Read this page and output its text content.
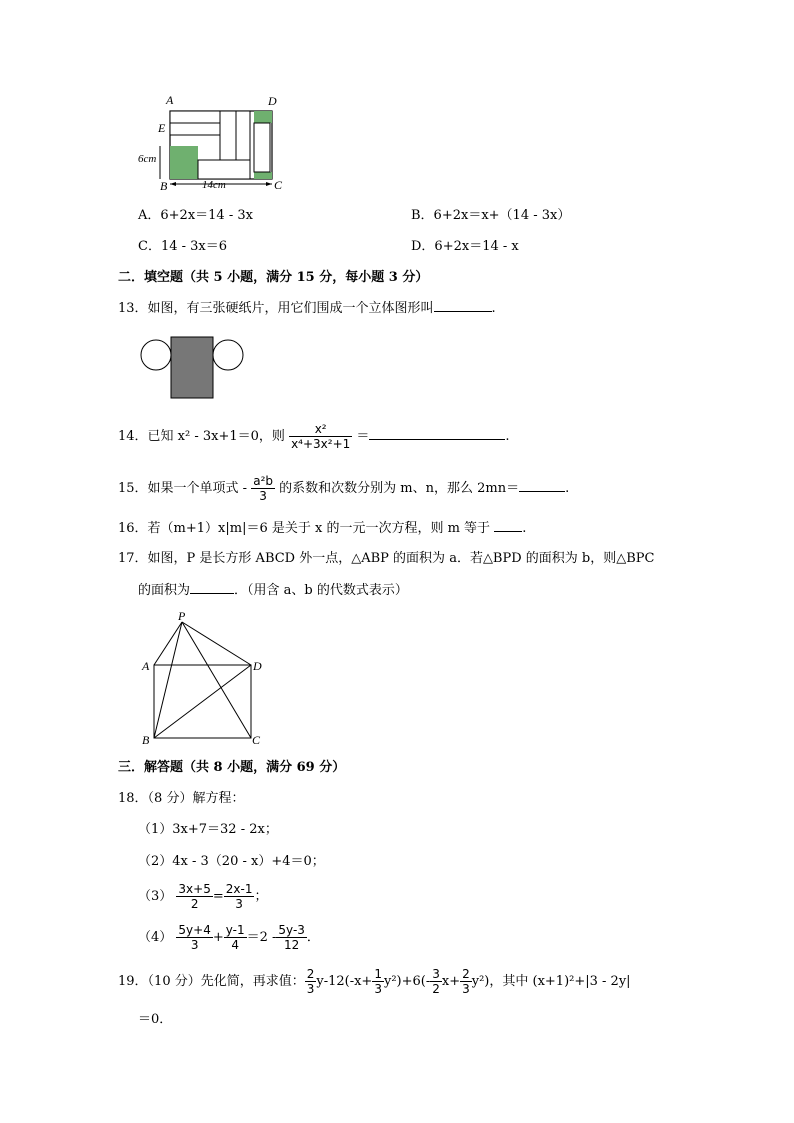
A	D
E
B	C
6cm
14cm
A．6+2x＝14 - 3x	B．6+2x＝x+（14 - 3x）
C．14 - 3x＝6	D．6+2x＝14 - x
二．填空题（共 5 小题，满分 15 分，每小题 3 分）
13．如图，有三张硬纸片，用它们围成一个立体图形叫	.
14．已知 x² - 3x+1＝0，则 $\frac{\text{x²}}{\text{x⁴+3x²+1}}$ ＝	.
15．如果一个单项式 - $\frac{\text{a²b}}{3}$ 的系数和次数分别为 m、n，那么 2mn＝	.
16．若（m+1）x|m|＝6 是关于 x 的一元一次方程，则 m 等于 .
17．如图，P 是长方形 ABCD 外一点，△ABP 的面积为 a．若△BPD 的面积为 b，则△BPC
的面积为	．（用含 a、b 的代数式表示）
P
A	D
B	C
三．解答题（共 8 小题，满分 69 分）
18．（8 分）解方程：
（1）3x+7＝32 - 2x；
（2）4x - 3（20 - x）+4＝0；
$(3) \frac{3x+5}{2} = \frac{2x-1}{3}$ ；
$(4) \frac{5y+4}{3} + \frac{y-1}{4} =2 - \frac{5y-3}{12}$ ．
19．（10 分）先化简，再求值： $\frac{2}{3} y-12(-x+ \frac{1}{3} y^2)+6(- \frac{3}{2} x+ \frac{2}{3} y^2)$，其中 (x+1)²+|3 - 2y|
＝0．
